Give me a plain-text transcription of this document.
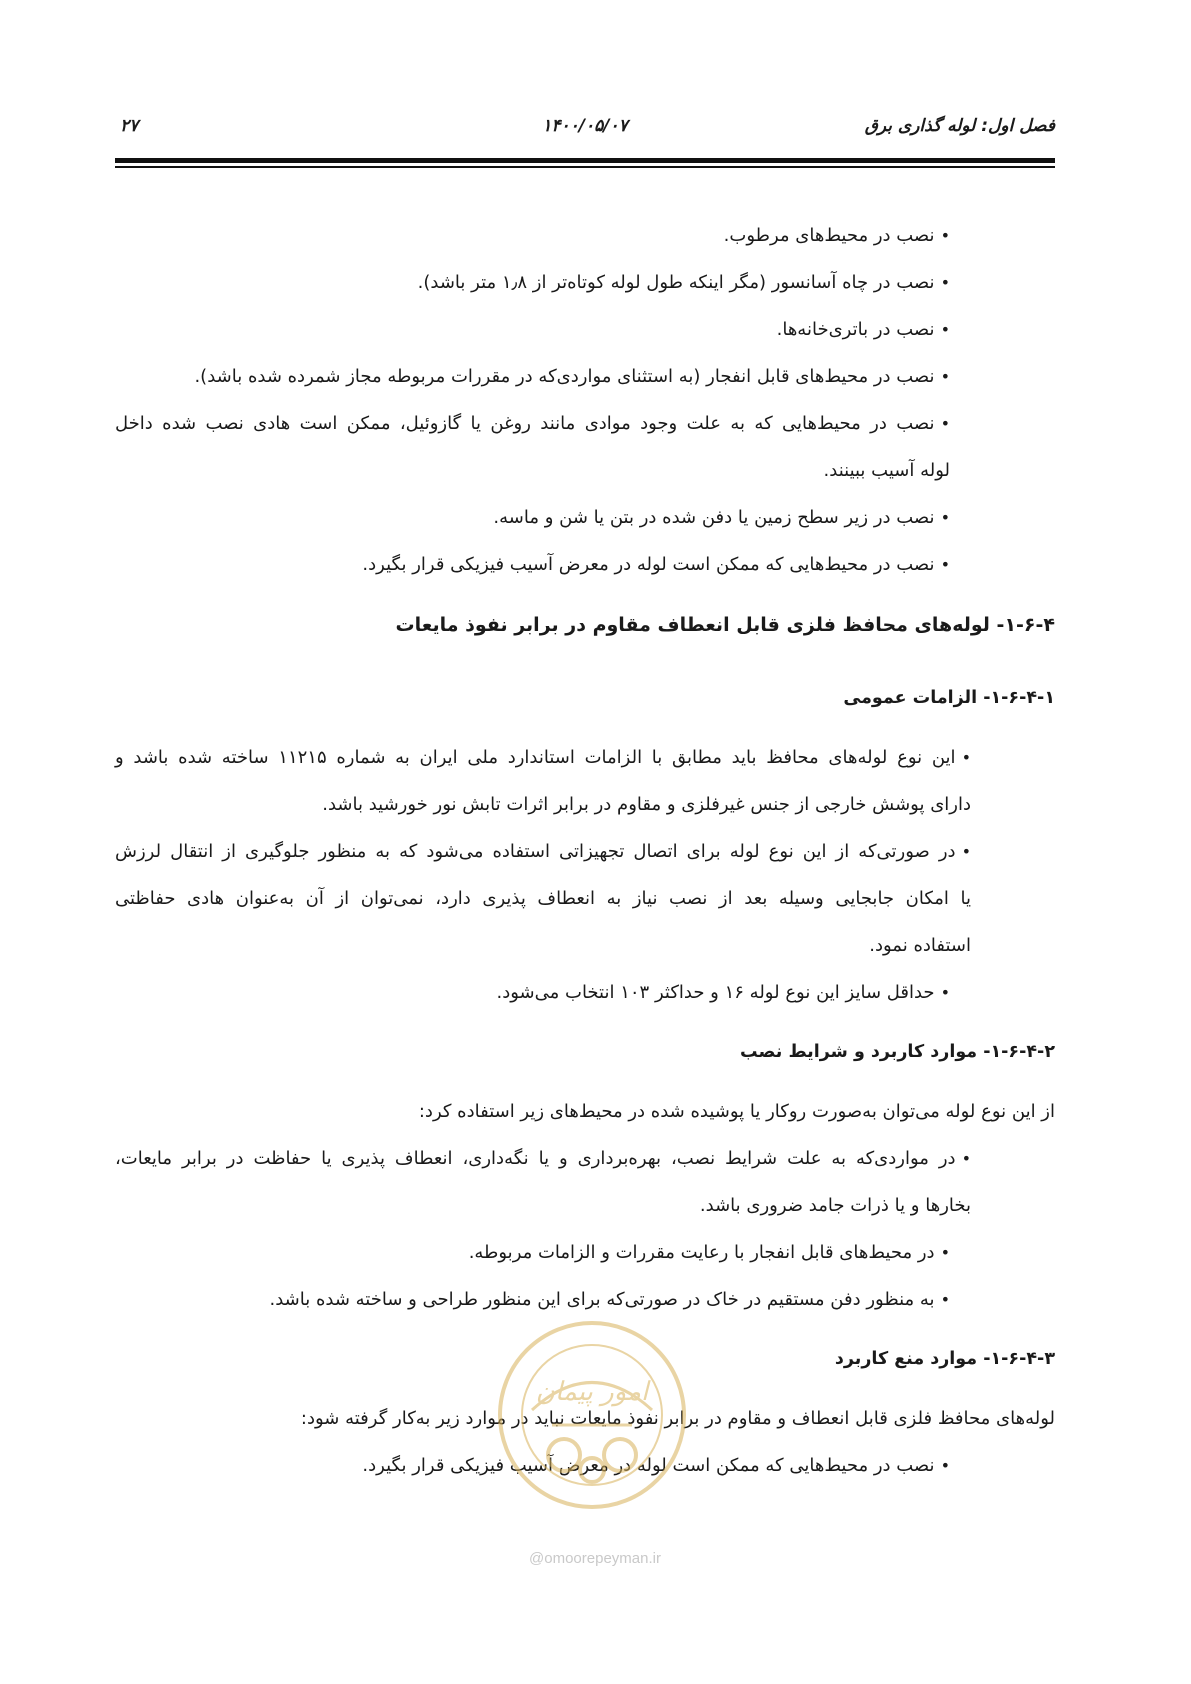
فصل اول: لوله گذاری برق
۱۴۰۰/۰۵/۰۷
۲۷
• نصب در محیط‌های مرطوب.
• نصب در چاه آسانسور (مگر اینکه طول لوله کوتاه‌تر از ۱٫۸ متر باشد).
• نصب در باتری‌خانه‌ها.
• نصب در محیط‌های قابل انفجار (به استثنای مواردی‌که در مقررات مربوطه مجاز شمرده شده باشد).
• نصب در محیط‌هایی که به علت وجود موادی مانند روغن یا گازوئیل، ممکن است هادی نصب شده داخل
لوله آسیب ببینند.
• نصب در زیر سطح زمین یا دفن شده در بتن یا شن و ماسه.
• نصب در محیط‌هایی که ممکن است لوله در معرض آسیب فیزیکی قرار بگیرد.
۱-۶-۴- لوله‌های محافظ فلزی قابل انعطاف مقاوم در برابر نفوذ مایعات
۱-۶-۴-۱- الزامات عمومی
• این نوع لوله‌های محافظ باید مطابق با الزامات استاندارد ملی ایران به شماره ۱۱۲۱۵ ساخته شده باشد و
دارای پوشش خارجی از جنس غیرفلزی و مقاوم در برابر اثرات تابش نور خورشید باشد.
• در صورتی‌که از این نوع لوله برای اتصال تجهیزاتی استفاده می‌شود که به منظور جلوگیری از انتقال لرزش
یا امکان جابجایی وسیله بعد از نصب نیاز به انعطاف پذیری دارد، نمی‌توان از آن به‌عنوان هادی حفاظتی
استفاده نمود.
• حداقل سایز این نوع لوله ۱۶ و حداکثر ۱۰۳ انتخاب می‌شود.
۱-۶-۴-۲- موارد کاربرد و شرایط نصب
از این نوع لوله می‌توان به‌صورت روکار یا پوشیده شده در محیط‌های زیر استفاده کرد:
• در مواردی‌که به علت شرایط نصب، بهره‌برداری و یا نگه‌داری، انعطاف پذیری یا حفاظت در برابر مایعات،
بخارها و یا ذرات جامد ضروری باشد.
• در محیط‌های قابل انفجار با رعایت مقررات و الزامات مربوطه.
• به منظور دفن مستقیم در خاک در صورتی‌که برای این منظور طراحی و ساخته شده باشد.
۱-۶-۴-۳- موارد منع کاربرد
لوله‌های محافظ فلزی قابل انعطاف و مقاوم در برابر نفوذ مایعات نباید در موارد زیر به‌کار گرفته شود:
• نصب در محیط‌هایی که ممکن است لوله در معرض آسیب فیزیکی قرار بگیرد.
امور پیمان
@omoorepeyman.ir
